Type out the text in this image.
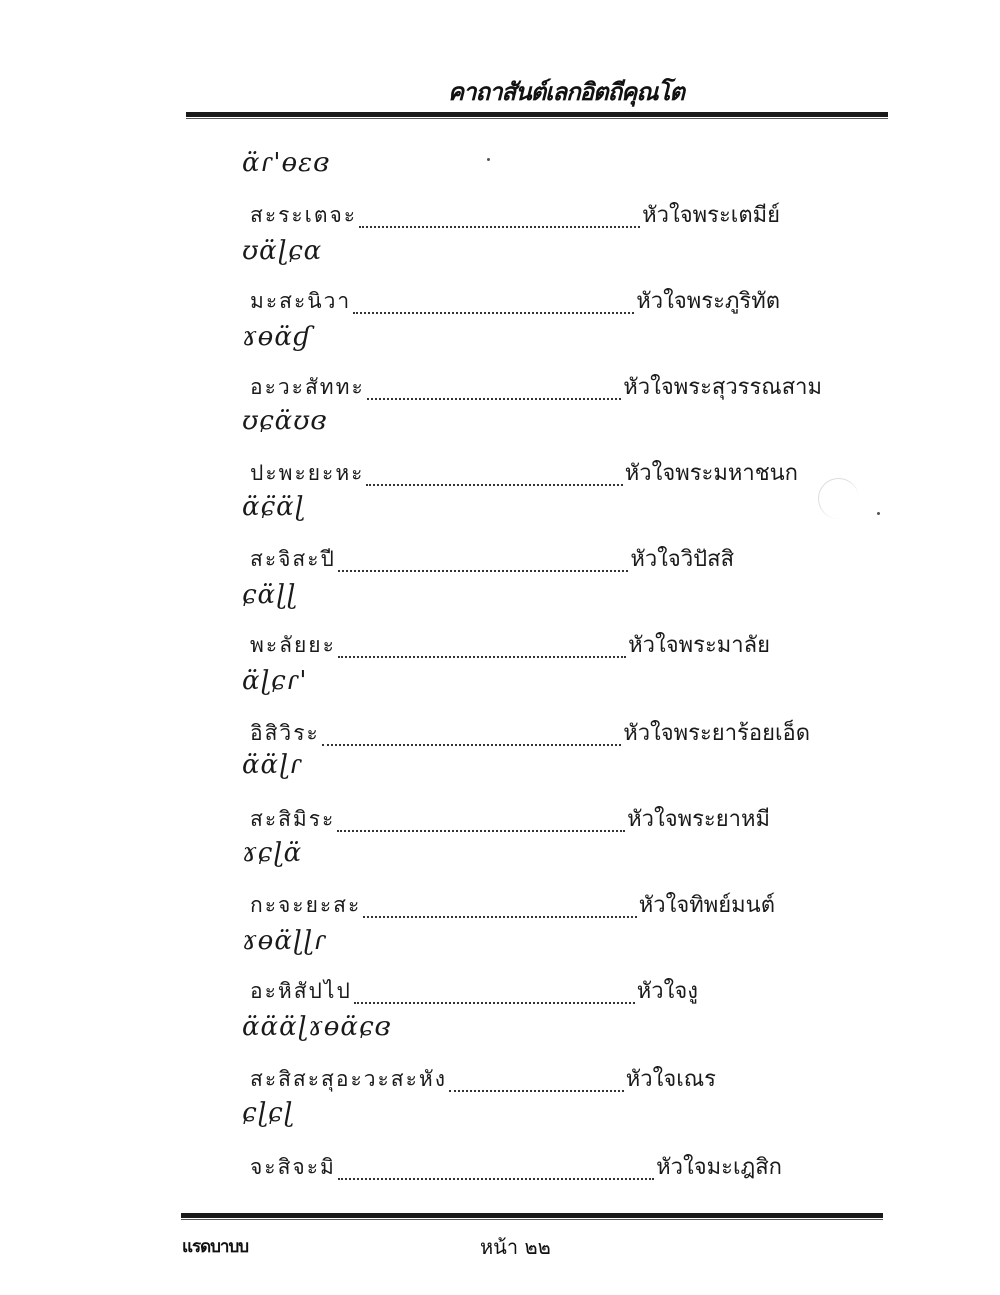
คาถาสันต์เลกอิตถีคุณโต
ɑ̈ɾ'ɵɛɞ
สะระเตจะ	หัวใจพระเตมีย์
ʊɑ̈ɭɕɑ
มะสะนิวา	หัวใจพระภูริทัต
ɤɵɑ̈ɠ
อะวะสัททะ	หัวใจพระสุวรรณสาม
ʊɕɑ̈ʊɞ
ปะพะยะหะ	หัวใจพระมหาชนก
ɑ̈ɕ̈ɑ̈ɭ
สะจิสะปี	หัวใจวิปัสสิ
ɕɑ̈ɭɭ
พะลัยยะ	หัวใจพระมาลัย
ɑ̈ɭɕɾ'
อิสิวิระ	หัวใจพระยาร้อยเอ็ด
ɑ̈ɑ̈ɭɾ
สะสิมิระ	หัวใจพระยาหมี
ɤɕɭɑ̈
กะจะยะสะ	หัวใจทิพย์มนต์
ɤɵɑ̈ɭɭɾ
อะหิสัปไป	หัวใจงู
ɑ̈ɑ̈ɑ̈ɭɤɵɑ̈ɕɞ
สะสิสะสุอะวะสะหัง	หัวใจเณร
ɕɭɕɭ
จะสิจะมิ	หัวใจมะเฎสิก
แรดบาบบ	หน้า ๒๒
